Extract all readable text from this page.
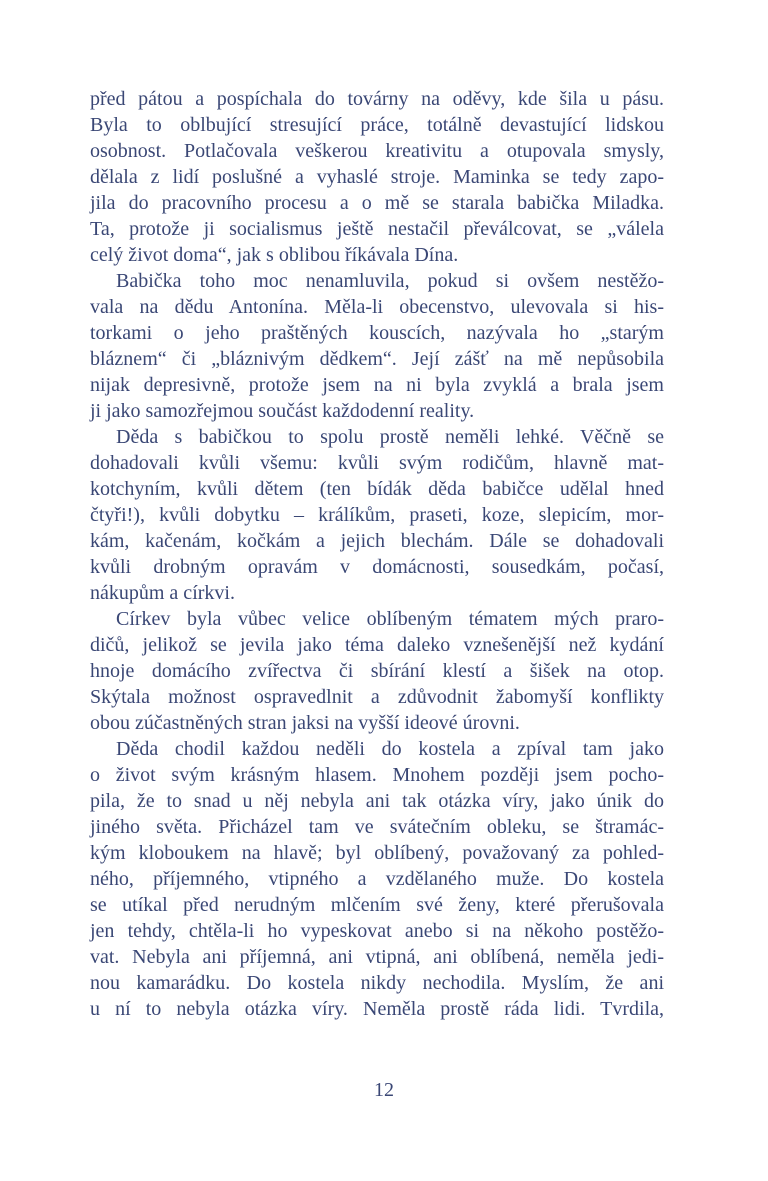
před pátou a pospíchala do továrny na oděvy, kde šila u pásu.
Byla to oblbující stresující práce, totálně devastující lidskou
osobnost. Potlačovala veškerou kreativitu a otupovala smysly,
dělala z lidí poslušné a vyhaslé stroje. Maminka se tedy zapo-
jila do pracovního procesu a o mě se starala babička Miladka.
Ta, protože ji socialismus ještě nestačil převálcovat, se „válela
celý život doma“, jak s oblibou říkávala Dína.
Babička toho moc nenamluvila, pokud si ovšem nestěžo-
vala na dědu Antonína. Měla-li obecenstvo, ulevovala si his-
torkami o jeho praštěných kouscích, nazývala ho „starým
bláznem“ či „bláznivým dědkem“. Její zášť na mě nepůsobila
nijak depresivně, protože jsem na ni byla zvyklá a brala jsem
ji jako samozřejmou součást každodenní reality.
Děda s babičkou to spolu prostě neměli lehké. Věčně se
dohadovali kvůli všemu: kvůli svým rodičům, hlavně mat-
kotchyním, kvůli dětem (ten bídák děda babičce udělal hned
čtyři!), kvůli dobytku – králíkům, praseti, koze, slepicím, mor-
kám, kačenám, kočkám a jejich blechám. Dále se dohadovali
kvůli drobným opravám v domácnosti, sousedkám, počasí,
nákupům a církvi.
Církev byla vůbec velice oblíbeným tématem mých praro-
dičů, jelikož se jevila jako téma daleko vznešenější než kydání
hnoje domácího zvířectva či sbírání klestí a šišek na otop.
Skýtala možnost ospravedlnit a zdůvodnit žabomyší konflikty
obou zúčastněných stran jaksi na vyšší ideové úrovni.
Děda chodil každou neděli do kostela a zpíval tam jako
o život svým krásným hlasem. Mnohem později jsem pocho-
pila, že to snad u něj nebyla ani tak otázka víry, jako únik do
jiného světa. Přicházel tam ve svátečním obleku, se štramác-
kým kloboukem na hlavě; byl oblíbený, považovaný za pohled-
ného, příjemného, vtipného a vzdělaného muže. Do kostela
se utíkal před nerudným mlčením své ženy, které přerušovala
jen tehdy, chtěla-li ho vypeskovat anebo si na někoho postěžo-
vat. Nebyla ani příjemná, ani vtipná, ani oblíbená, neměla jedi-
nou kamarádku. Do kostela nikdy nechodila. Myslím, že ani
u ní to nebyla otázka víry. Neměla prostě ráda lidi. Tvrdila,
12
